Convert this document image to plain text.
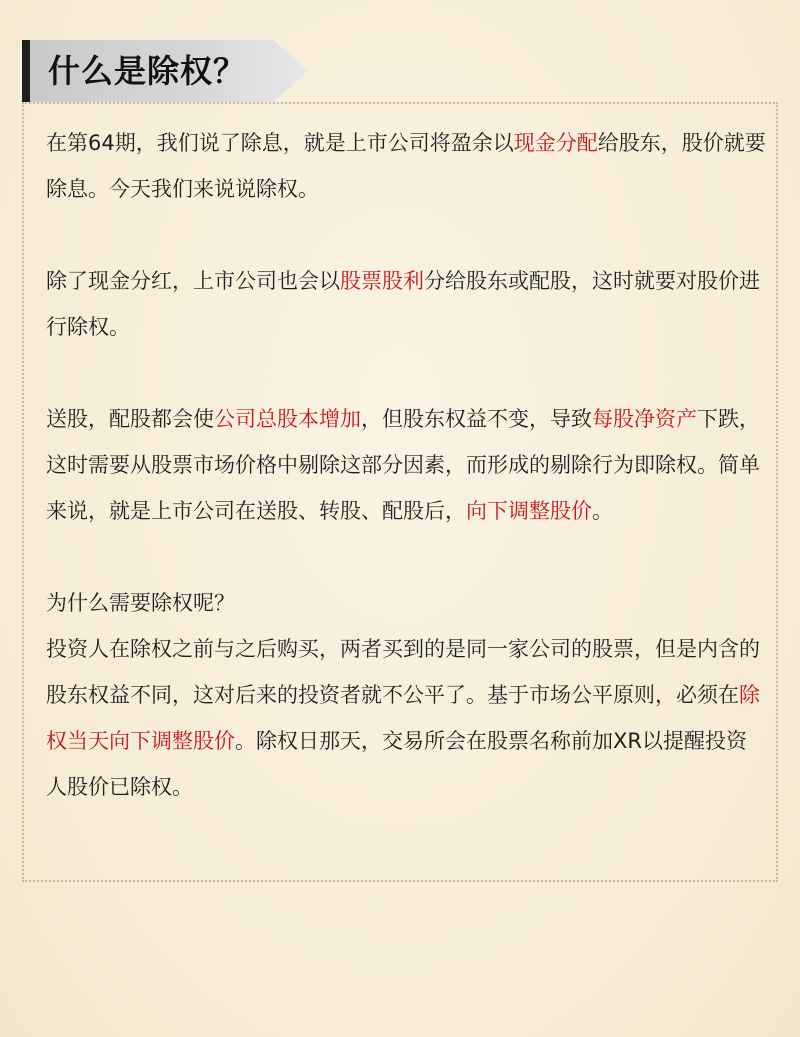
什么是除权？

在第64期，我们说了除息，就是上市公司将盈余以现金分配给股东，股价就要除息。今天我们来说说除权。

除了现金分红，上市公司也会以股票股利分给股东或配股，这时就要对股价进行除权。

送股，配股都会使公司总股本增加，但股东权益不变，导致每股净资产下跌，这时需要从股票市场价格中剔除这部分因素，而形成的剔除行为即除权。简单来说，就是上市公司在送股、转股、配股后，向下调整股价。

为什么需要除权呢？

投资人在除权之前与之后购买，两者买到的是同一家公司的股票，但是内含的股东权益不同，这对后来的投资者就不公平了。基于市场公平原则，必须在除权当天向下调整股价。除权日那天，交易所会在股票名称前加XR以提醒投资人股价已除权。
